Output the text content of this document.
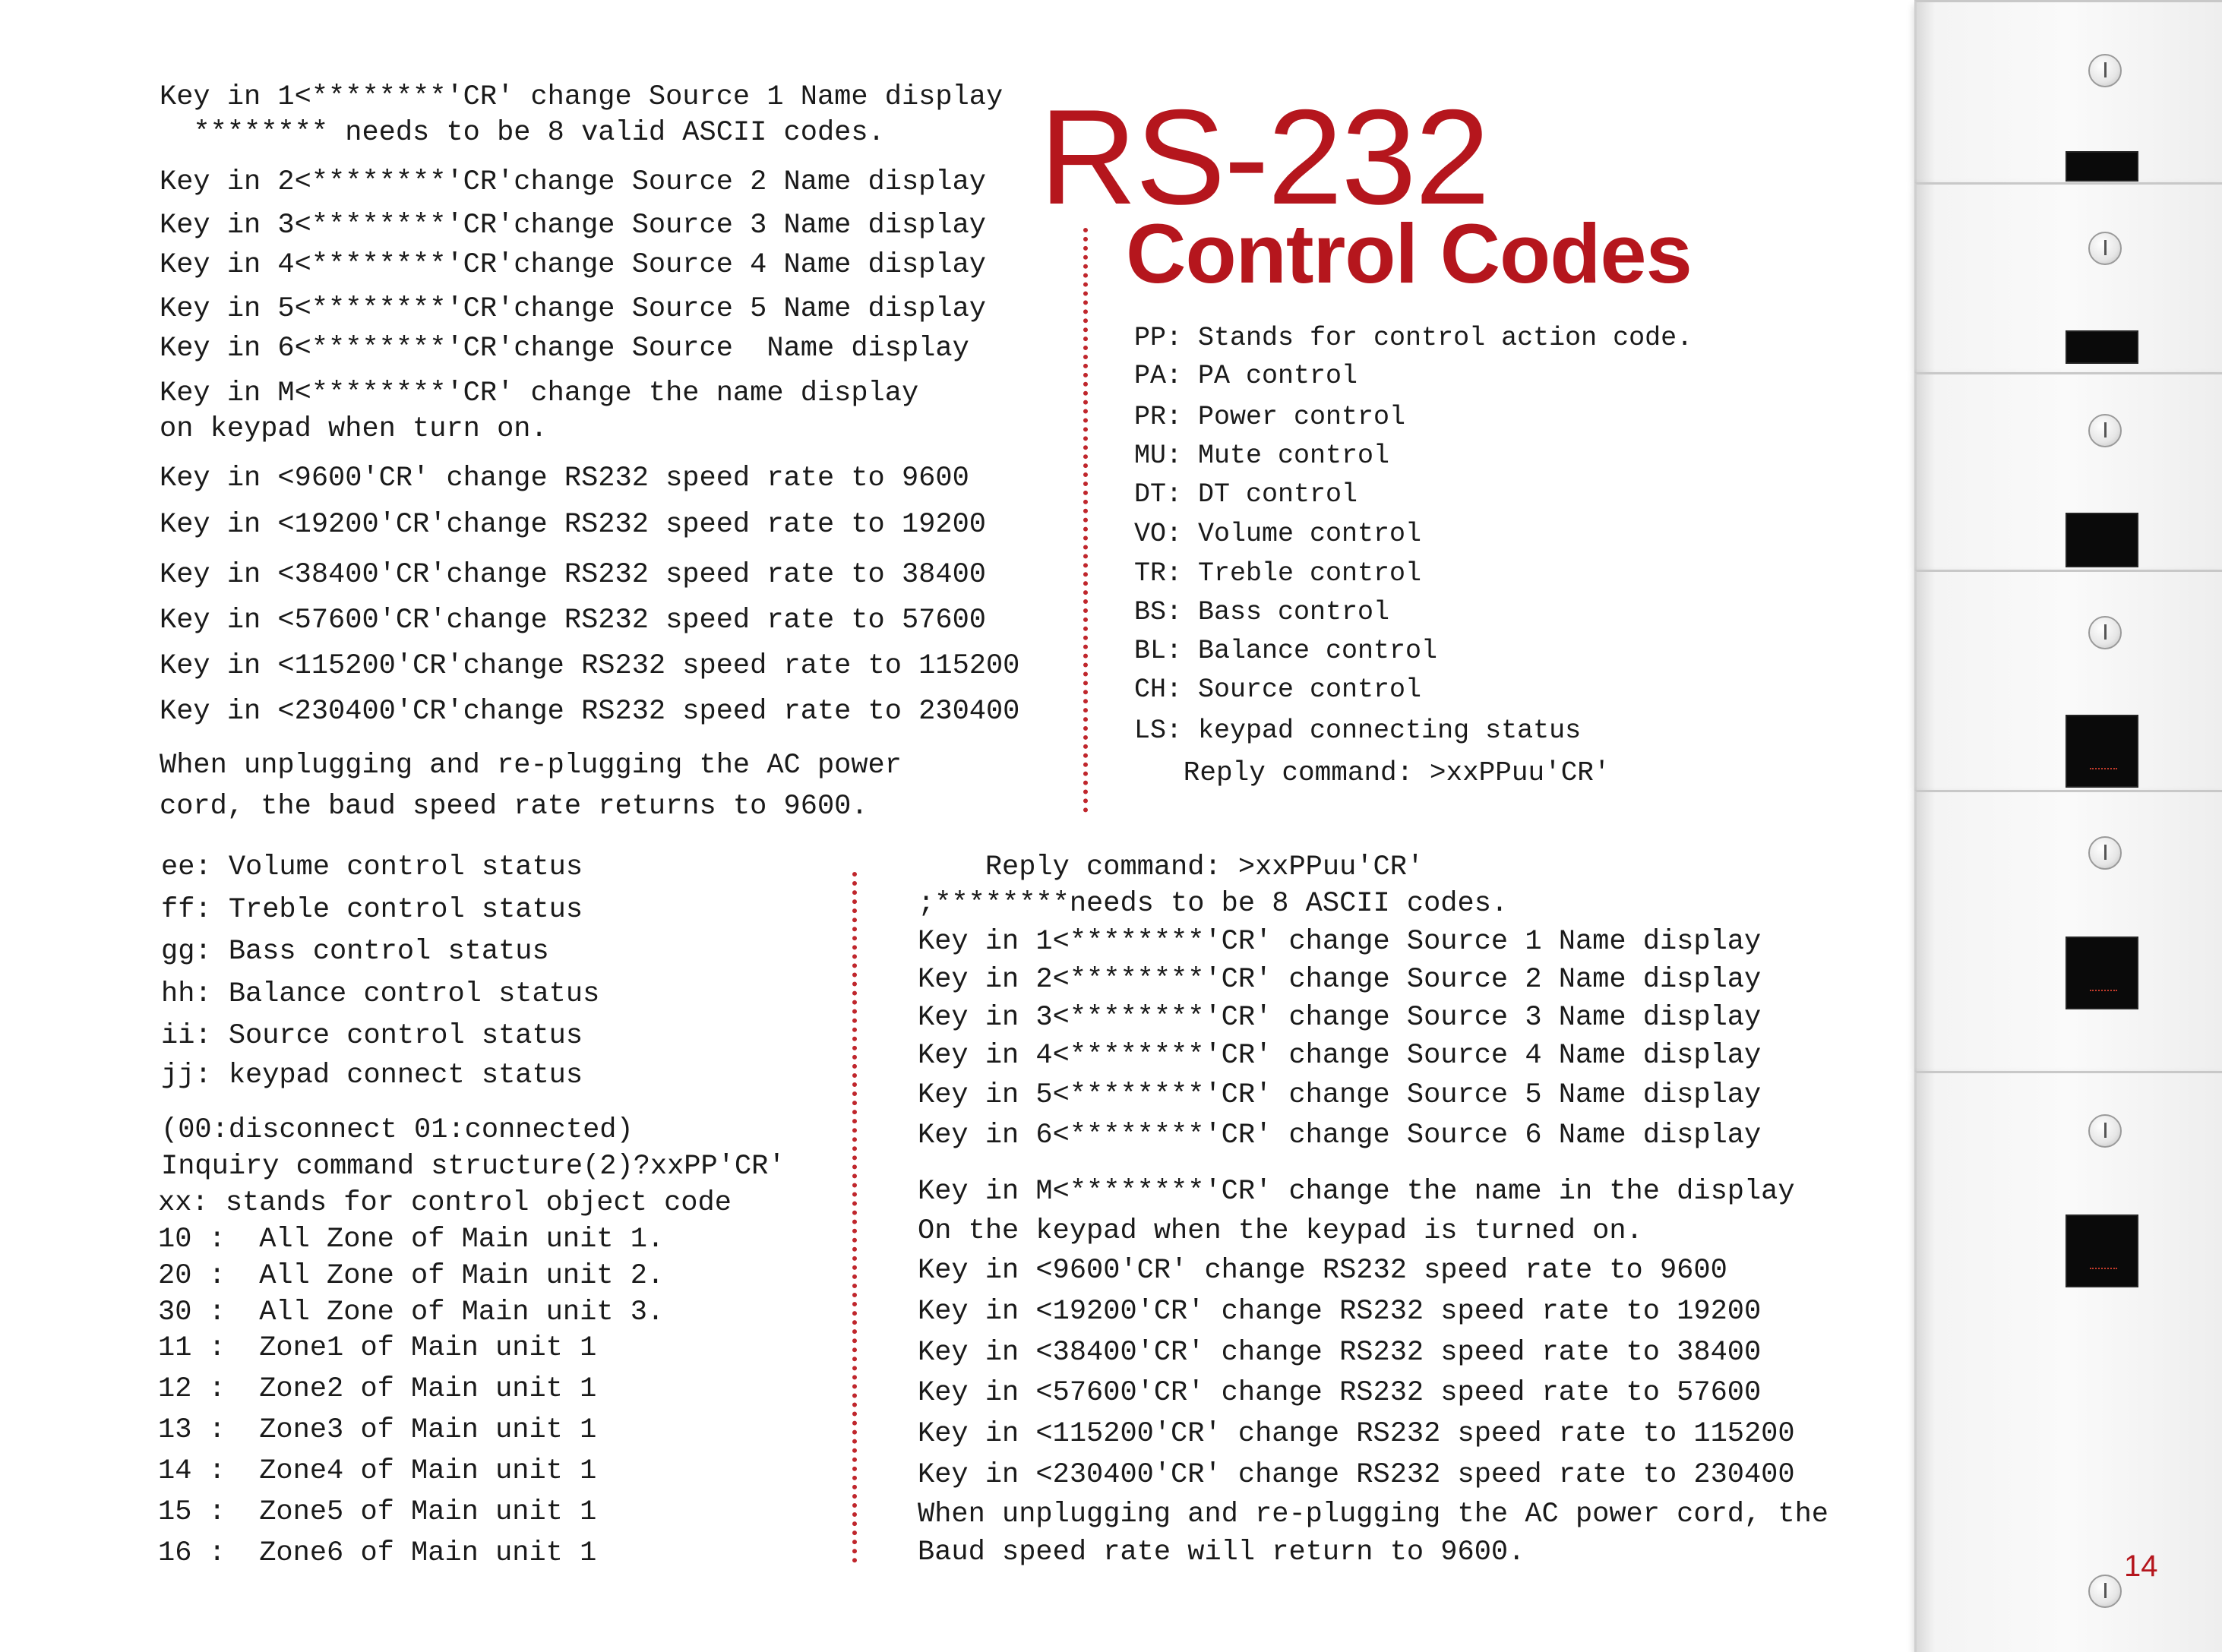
RS-232
Control Codes
Key in 1<********'CR' change Source 1 Name display
******** needs to be 8 valid ASCII codes.
Key in 2<********'CR'change Source 2 Name display
Key in 3<********'CR'change Source 3 Name display
Key in 4<********'CR'change Source 4 Name display
Key in 5<********'CR'change Source 5 Name display
Key in 6<********'CR'change Source  Name display
Key in M<********'CR' change the name display
on keypad when turn on.
Key in <9600'CR' change RS232 speed rate to 9600
Key in <19200'CR'change RS232 speed rate to 19200
Key in <38400'CR'change RS232 speed rate to 38400
Key in <57600'CR'change RS232 speed rate to 57600
Key in <115200'CR'change RS232 speed rate to 115200
Key in <230400'CR'change RS232 speed rate to 230400
When unplugging and re-plugging the AC power
cord, the baud speed rate returns to 9600.
PP: Stands for control action code.
PA: PA control
PR: Power control
MU: Mute control
DT: DT control
VO: Volume control
TR: Treble control
BS: Bass control
BL: Balance control
CH: Source control
LS: keypad connecting status
Reply command: >xxPPuu'CR'
ee: Volume control status
ff: Treble control status
gg: Bass control status
hh: Balance control status
ii: Source control status
jj: keypad connect status
(00:disconnect 01:connected)
Inquiry command structure(2)?xxPP'CR'
xx: stands for control object code
10 :  All Zone of Main unit 1.
20 :  All Zone of Main unit 2.
30 :  All Zone of Main unit 3.
11 :  Zone1 of Main unit 1
12 :  Zone2 of Main unit 1
13 :  Zone3 of Main unit 1
14 :  Zone4 of Main unit 1
15 :  Zone5 of Main unit 1
16 :  Zone6 of Main unit 1
Reply command: >xxPPuu'CR'
;********needs to be 8 ASCII codes.
Key in 1<********'CR' change Source 1 Name display
Key in 2<********'CR' change Source 2 Name display
Key in 3<********'CR' change Source 3 Name display
Key in 4<********'CR' change Source 4 Name display
Key in 5<********'CR' change Source 5 Name display
Key in 6<********'CR' change Source 6 Name display
Key in M<********'CR' change the name in the display
On the keypad when the keypad is turned on.
Key in <9600'CR' change RS232 speed rate to 9600
Key in <19200'CR' change RS232 speed rate to 19200
Key in <38400'CR' change RS232 speed rate to 38400
Key in <57600'CR' change RS232 speed rate to 57600
Key in <115200'CR' change RS232 speed rate to 115200
Key in <230400'CR' change RS232 speed rate to 230400
When unplugging and re-plugging the AC power cord, the
Baud speed rate will return to 9600.	14
